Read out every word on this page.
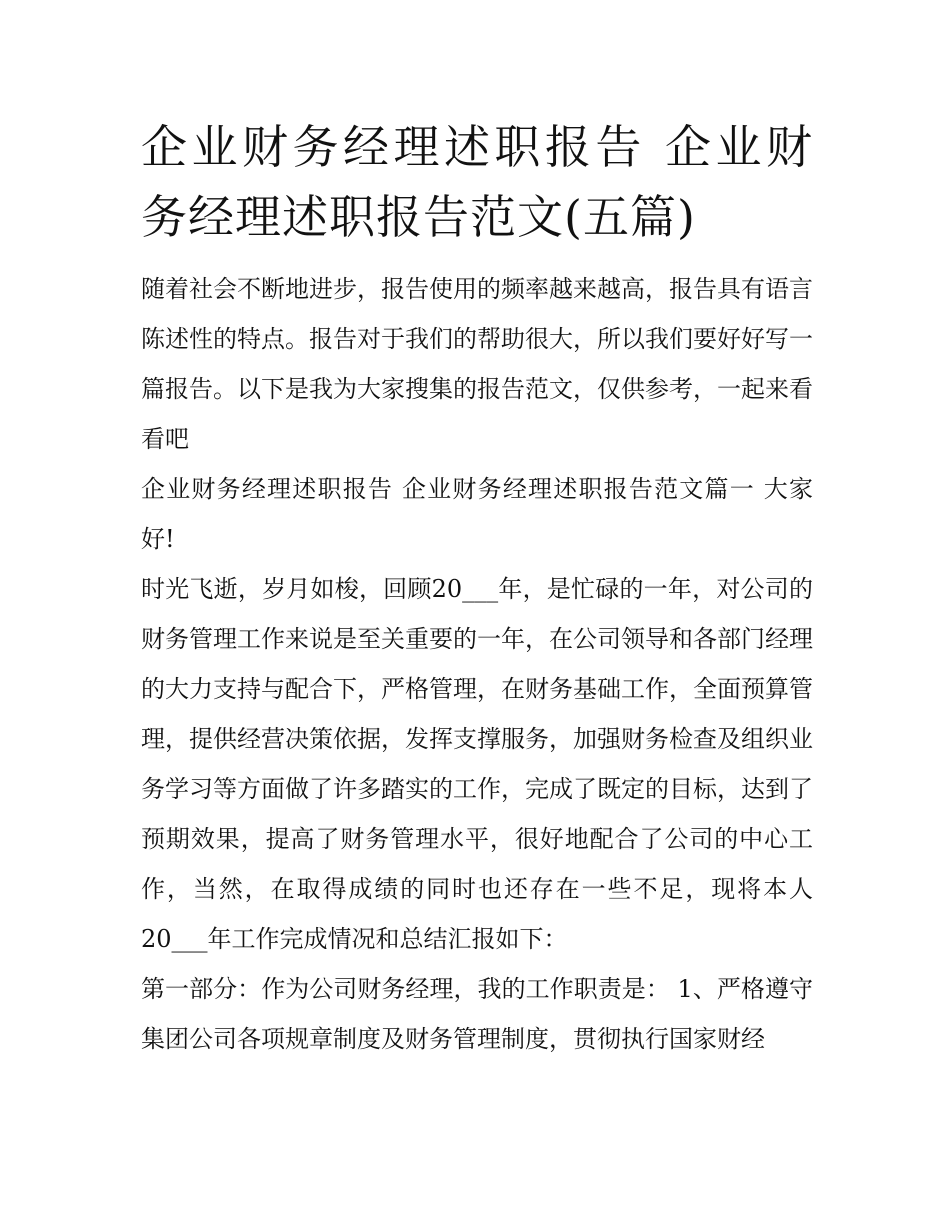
企业财务经理述职报告 企业财务经理述职报告范文(五篇)

随着社会不断地进步，报告使用的频率越来越高，报告具有语言陈述性的特点。报告对于我们的帮助很大，所以我们要好好写一篇报告。以下是我为大家搜集的报告范文，仅供参考，一起来看看吧

企业财务经理述职报告 企业财务经理述职报告范文篇一 大家好!

时光飞逝，岁月如梭，回顾20___年，是忙碌的一年，对公司的财务管理工作来说是至关重要的一年，在公司领导和各部门经理的大力支持与配合下，严格管理，在财务基础工作，全面预算管理，提供经营决策依据，发挥支撑服务，加强财务检查及组织业务学习等方面做了许多踏实的工作，完成了既定的目标，达到了预期效果，提高了财务管理水平，很好地配合了公司的中心工作，当然，在取得成绩的同时也还存在一些不足，现将本人20___年工作完成情况和总结汇报如下：

第一部分：作为公司财务经理，我的工作职责是： 1、严格遵守集团公司各项规章制度及财务管理制度，贯彻执行国家财经
